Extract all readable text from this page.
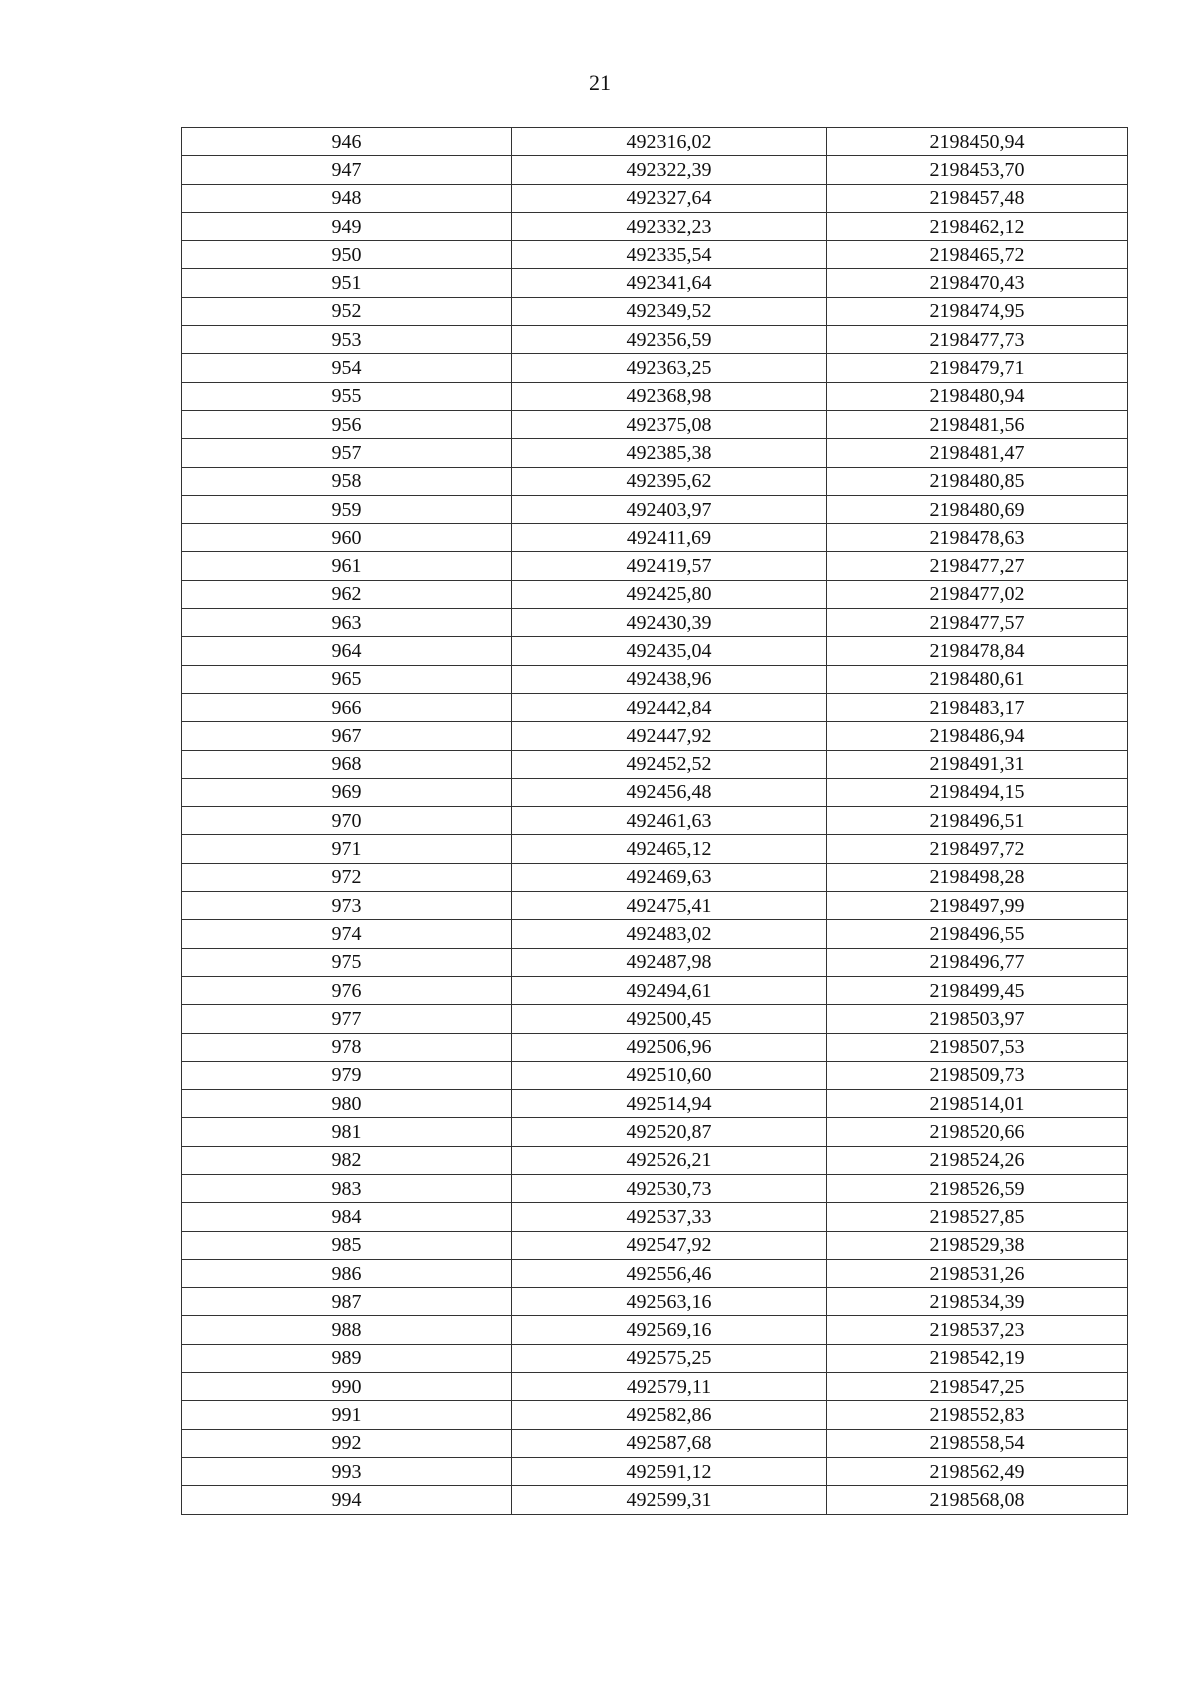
21
946	492316,02	2198450,94
947	492322,39	2198453,70
948	492327,64	2198457,48
949	492332,23	2198462,12
950	492335,54	2198465,72
951	492341,64	2198470,43
952	492349,52	2198474,95
953	492356,59	2198477,73
954	492363,25	2198479,71
955	492368,98	2198480,94
956	492375,08	2198481,56
957	492385,38	2198481,47
958	492395,62	2198480,85
959	492403,97	2198480,69
960	492411,69	2198478,63
961	492419,57	2198477,27
962	492425,80	2198477,02
963	492430,39	2198477,57
964	492435,04	2198478,84
965	492438,96	2198480,61
966	492442,84	2198483,17
967	492447,92	2198486,94
968	492452,52	2198491,31
969	492456,48	2198494,15
970	492461,63	2198496,51
971	492465,12	2198497,72
972	492469,63	2198498,28
973	492475,41	2198497,99
974	492483,02	2198496,55
975	492487,98	2198496,77
976	492494,61	2198499,45
977	492500,45	2198503,97
978	492506,96	2198507,53
979	492510,60	2198509,73
980	492514,94	2198514,01
981	492520,87	2198520,66
982	492526,21	2198524,26
983	492530,73	2198526,59
984	492537,33	2198527,85
985	492547,92	2198529,38
986	492556,46	2198531,26
987	492563,16	2198534,39
988	492569,16	2198537,23
989	492575,25	2198542,19
990	492579,11	2198547,25
991	492582,86	2198552,83
992	492587,68	2198558,54
993	492591,12	2198562,49
994	492599,31	2198568,08
